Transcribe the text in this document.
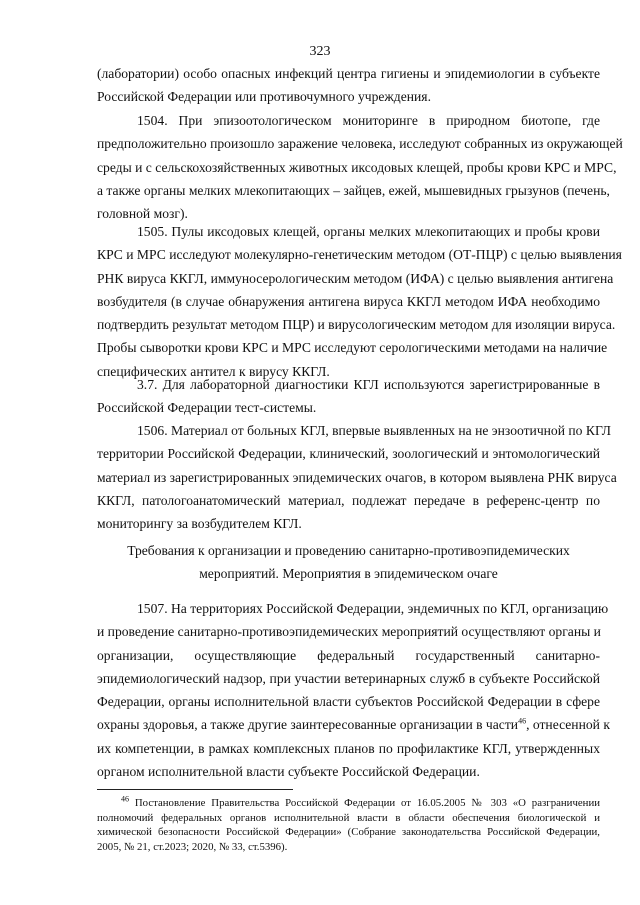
323
(лаборатории) особо опасных инфекций центра гигиены и эпидемиологии в субъекте
Российской Федерации или противочумного учреждения.
1504. При эпизоотологическом мониторинге в природном биотопе, где
предположительно произошло заражение человека, исследуют собранных из окружающей
среды и с сельскохозяйственных животных иксодовых клещей, пробы крови КРС и МРС,
а также органы мелких млекопитающих – зайцев, ежей, мышевидных грызунов (печень,
головной мозг).
1505. Пулы иксодовых клещей, органы мелких млекопитающих и пробы крови
КРС и МРС исследуют молекулярно-генетическим методом (ОТ-ПЦР) с целью выявления
РНК вируса ККГЛ, иммуносерологическим методом (ИФА) с целью выявления антигена
возбудителя (в случае обнаружения антигена вируса ККГЛ методом ИФА необходимо
подтвердить результат методом ПЦР) и вирусологическим методом для изоляции вируса.
Пробы сыворотки крови КРС и МРС исследуют серологическими методами на наличие
специфических антител к вирусу ККГЛ.
3.7. Для лабораторной диагностики КГЛ используются зарегистрированные в
Российской Федерации тест-системы.
1506. Материал от больных КГЛ, впервые выявленных на не энзоотичной по КГЛ
территории Российской Федерации, клинический, зоологический и энтомологический
материал из зарегистрированных эпидемических очагов, в котором выявлена РНК вируса
ККГЛ, патологоанатомический материал, подлежат передаче в референс-центр по
мониторингу за возбудителем КГЛ.
Требования к организации и проведению санитарно-противоэпидемических
мероприятий. Мероприятия в эпидемическом очаге
1507. На территориях Российской Федерации, эндемичных по КГЛ, организацию
и проведение санитарно-противоэпидемических мероприятий осуществляют органы и
организации, осуществляющие федеральный государственный санитарно-
эпидемиологический надзор, при участии ветеринарных служб в субъекте Российской
Федерации, органы исполнительной власти субъектов Российской Федерации в сфере
охраны здоровья, а также другие заинтересованные организации в части$^{46}$, отнесенной к
их компетенции, в рамках комплексных планов по профилактике КГЛ, утвержденных
органом исполнительной власти субъекте Российской Федерации.
$^{46}$ Постановление Правительства Российской Федерации от 16.05.2005 № 303 «О разграничении
полномочий федеральных органов исполнительной власти в области обеспечения биологической и
химической безопасности Российской Федерации» (Собрание законодательства Российской Федерации,
2005, № 21, ст.2023; 2020, № 33, ст.5396).
